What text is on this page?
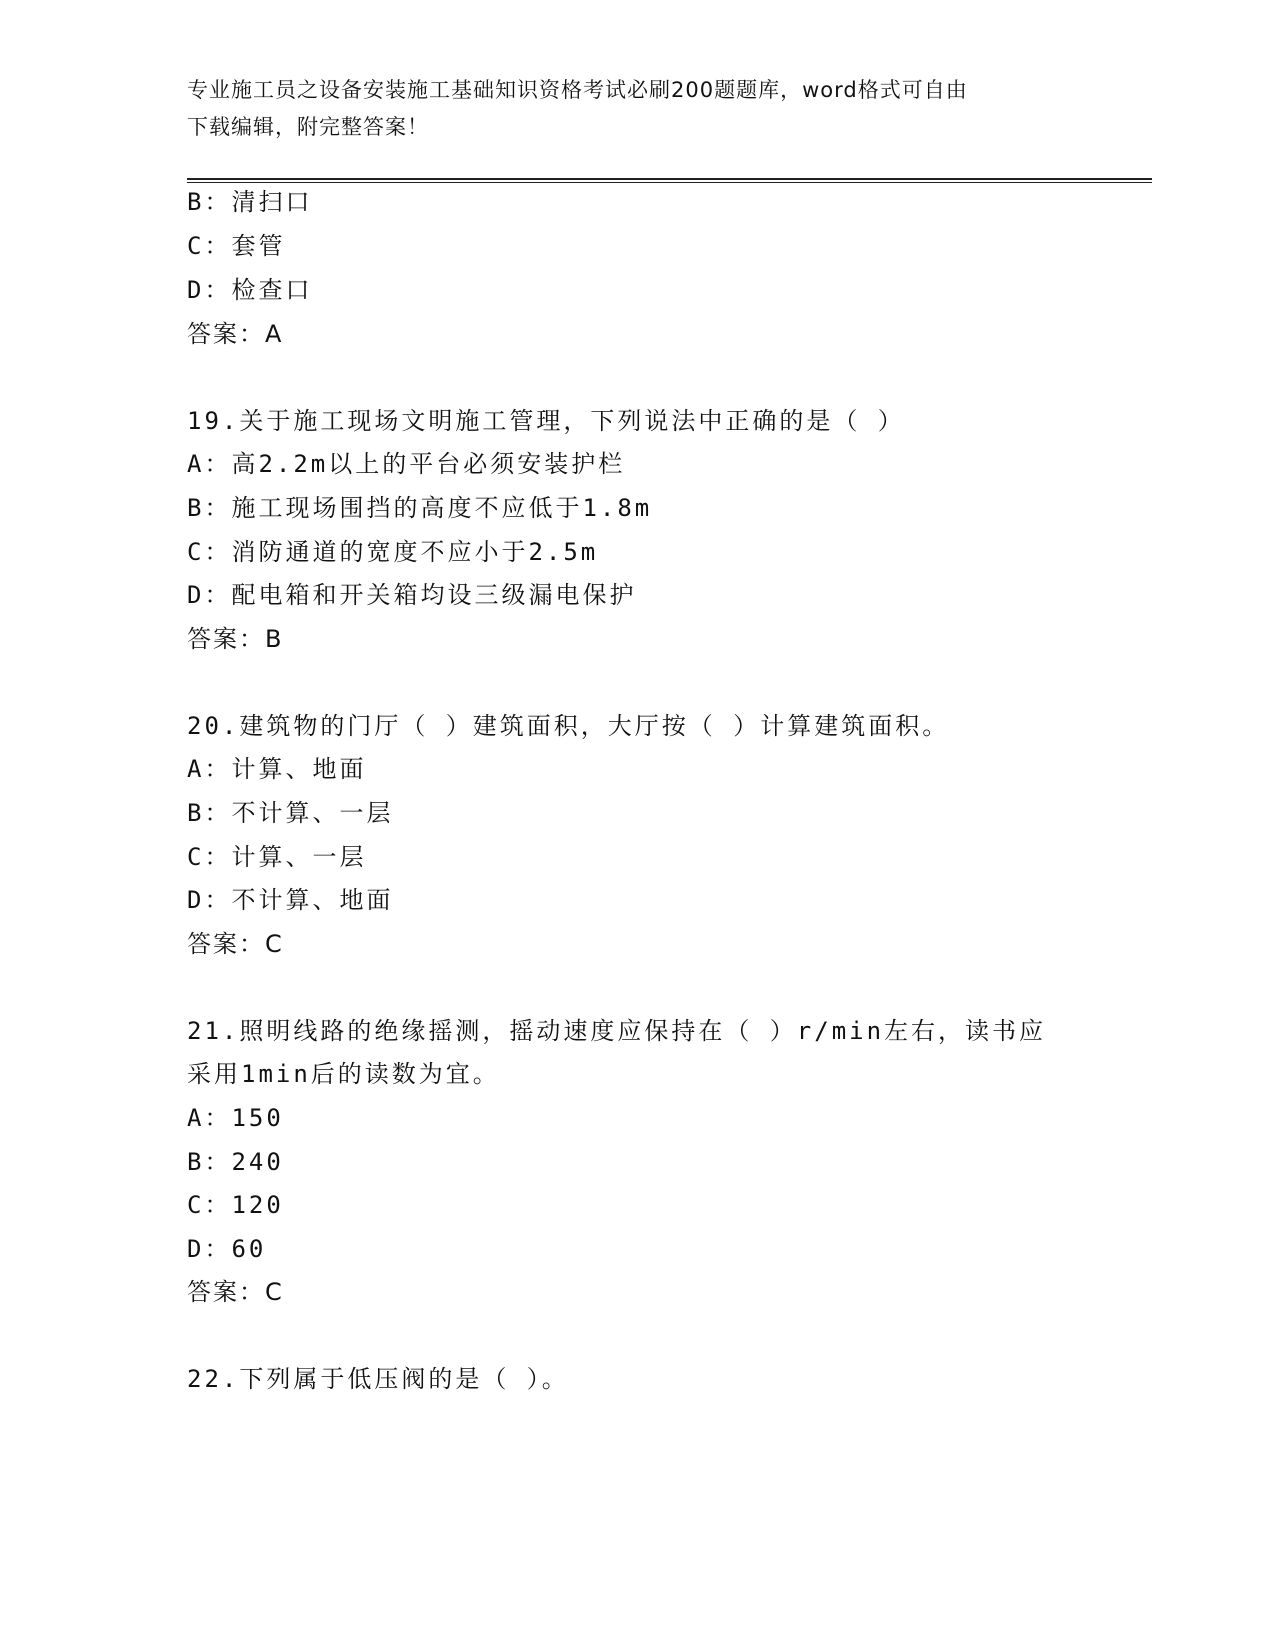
专业施工员之设备安装施工基础知识资格考试必刷200题题库，word格式可自由
下载编辑，附完整答案！
B：清扫口
C：套管
D：检查口
答案：A
19.关于施工现场文明施工管理，下列说法中正确的是（ ）
A：高2.2m以上的平台必须安装护栏
B：施工现场围挡的高度不应低于1.8m
C：消防通道的宽度不应小于2.5m
D：配电箱和开关箱均设三级漏电保护
答案：B
20.建筑物的门厅（ ）建筑面积，大厅按（ ）计算建筑面积。
A：计算、地面
B：不计算、一层
C：计算、一层
D：不计算、地面
答案：C
21.照明线路的绝缘摇测，摇动速度应保持在（ ）r/min左右，读书应
采用1min后的读数为宜。
A：150
B：240
C：120
D：60
答案：C
22.下列属于低压阀的是（ ）。
